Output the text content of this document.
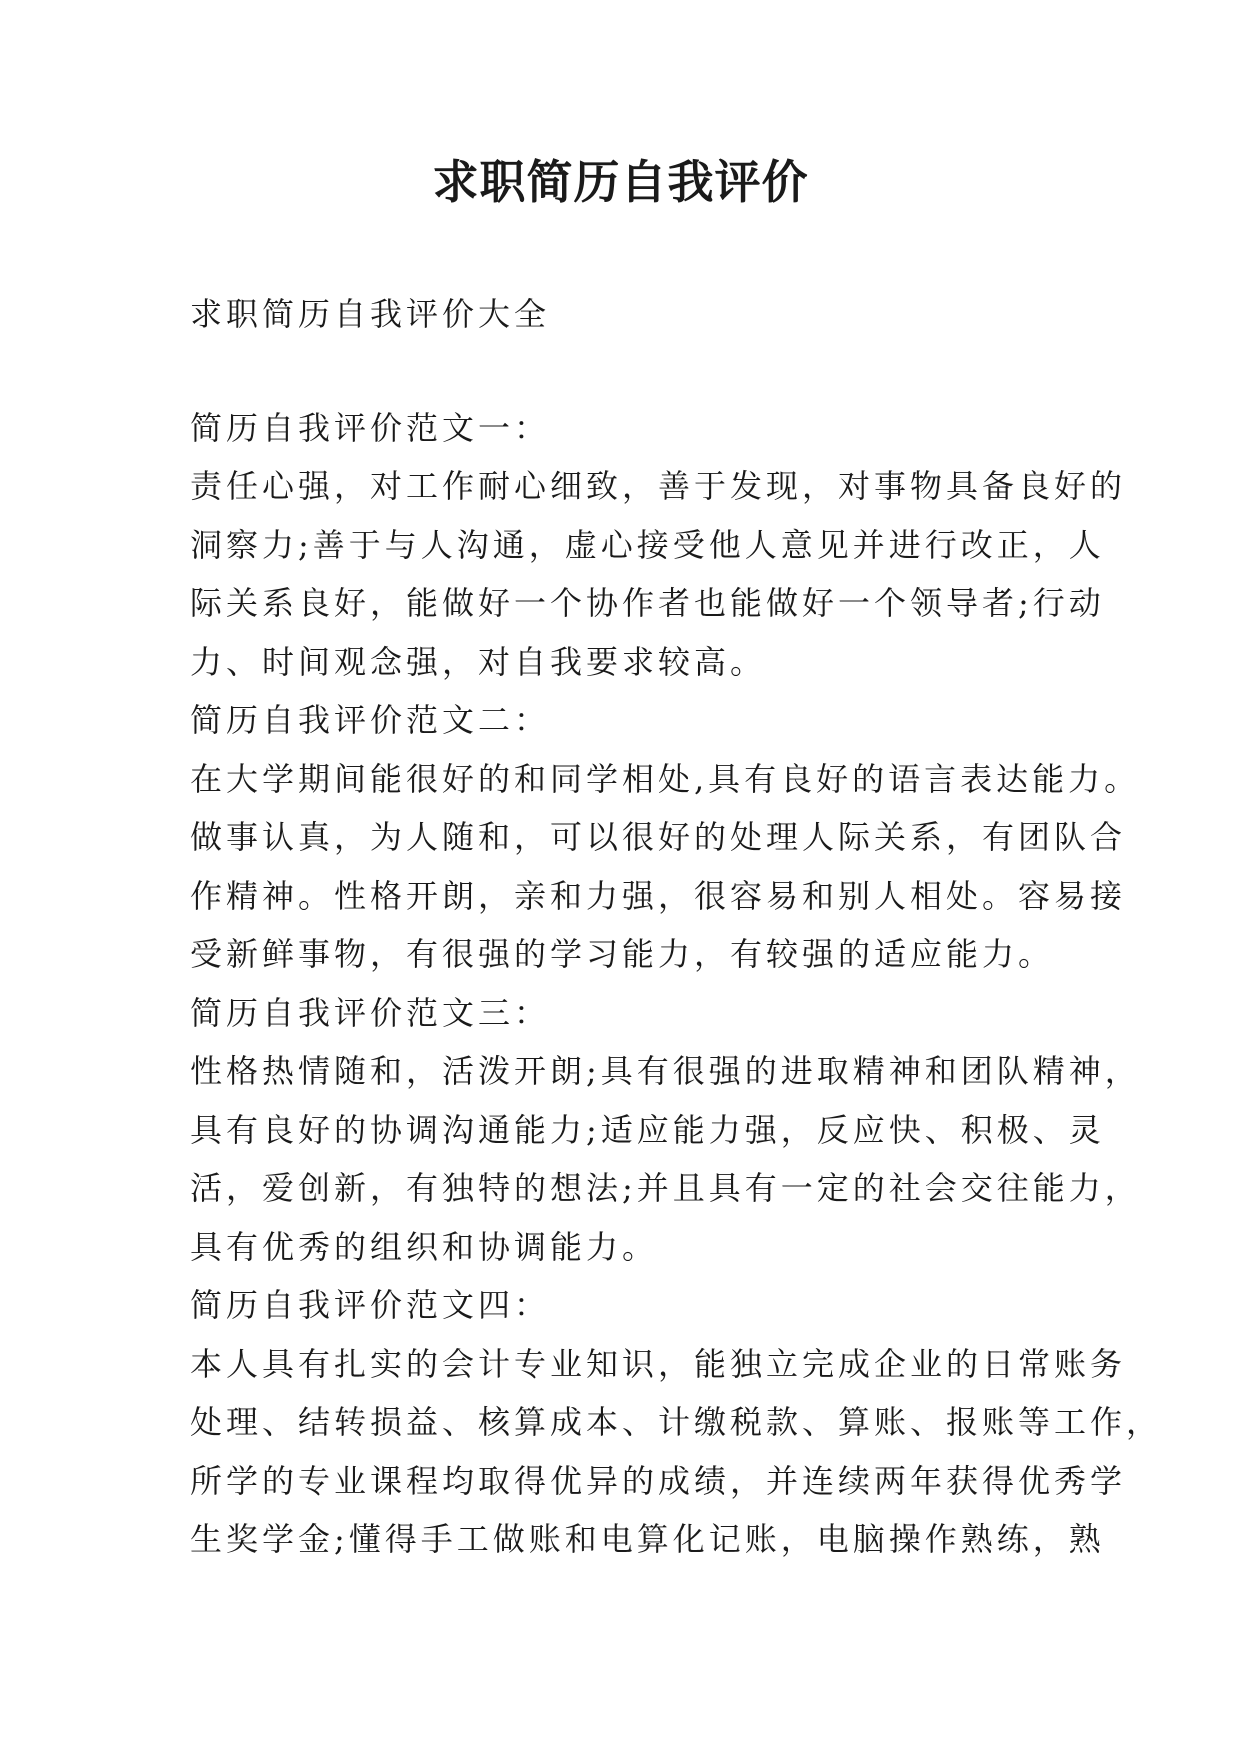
求职简历自我评价

求职简历自我评价大全

简历自我评价范文一：

责任心强，对工作耐心细致，善于发现，对事物具备良好的
洞察力;善于与人沟通，虚心接受他人意见并进行改正，人
际关系良好，能做好一个协作者也能做好一个领导者;行动
力、时间观念强，对自我要求较高。

简历自我评价范文二：

在大学期间能很好的和同学相处,具有良好的语言表达能力。
做事认真，为人随和，可以很好的处理人际关系，有团队合
作精神。性格开朗，亲和力强，很容易和别人相处。容易接
受新鲜事物，有很强的学习能力，有较强的适应能力。

简历自我评价范文三：

性格热情随和，活泼开朗;具有很强的进取精神和团队精神，
具有良好的协调沟通能力;适应能力强，反应快、积极、灵
活，爱创新，有独特的想法;并且具有一定的社会交往能力，
具有优秀的组织和协调能力。

简历自我评价范文四：

本人具有扎实的会计专业知识，能独立完成企业的日常账务
处理、结转损益、核算成本、计缴税款、算账、报账等工作，
所学的专业课程均取得优异的成绩，并连续两年获得优秀学
生奖学金;懂得手工做账和电算化记账，电脑操作熟练，熟
